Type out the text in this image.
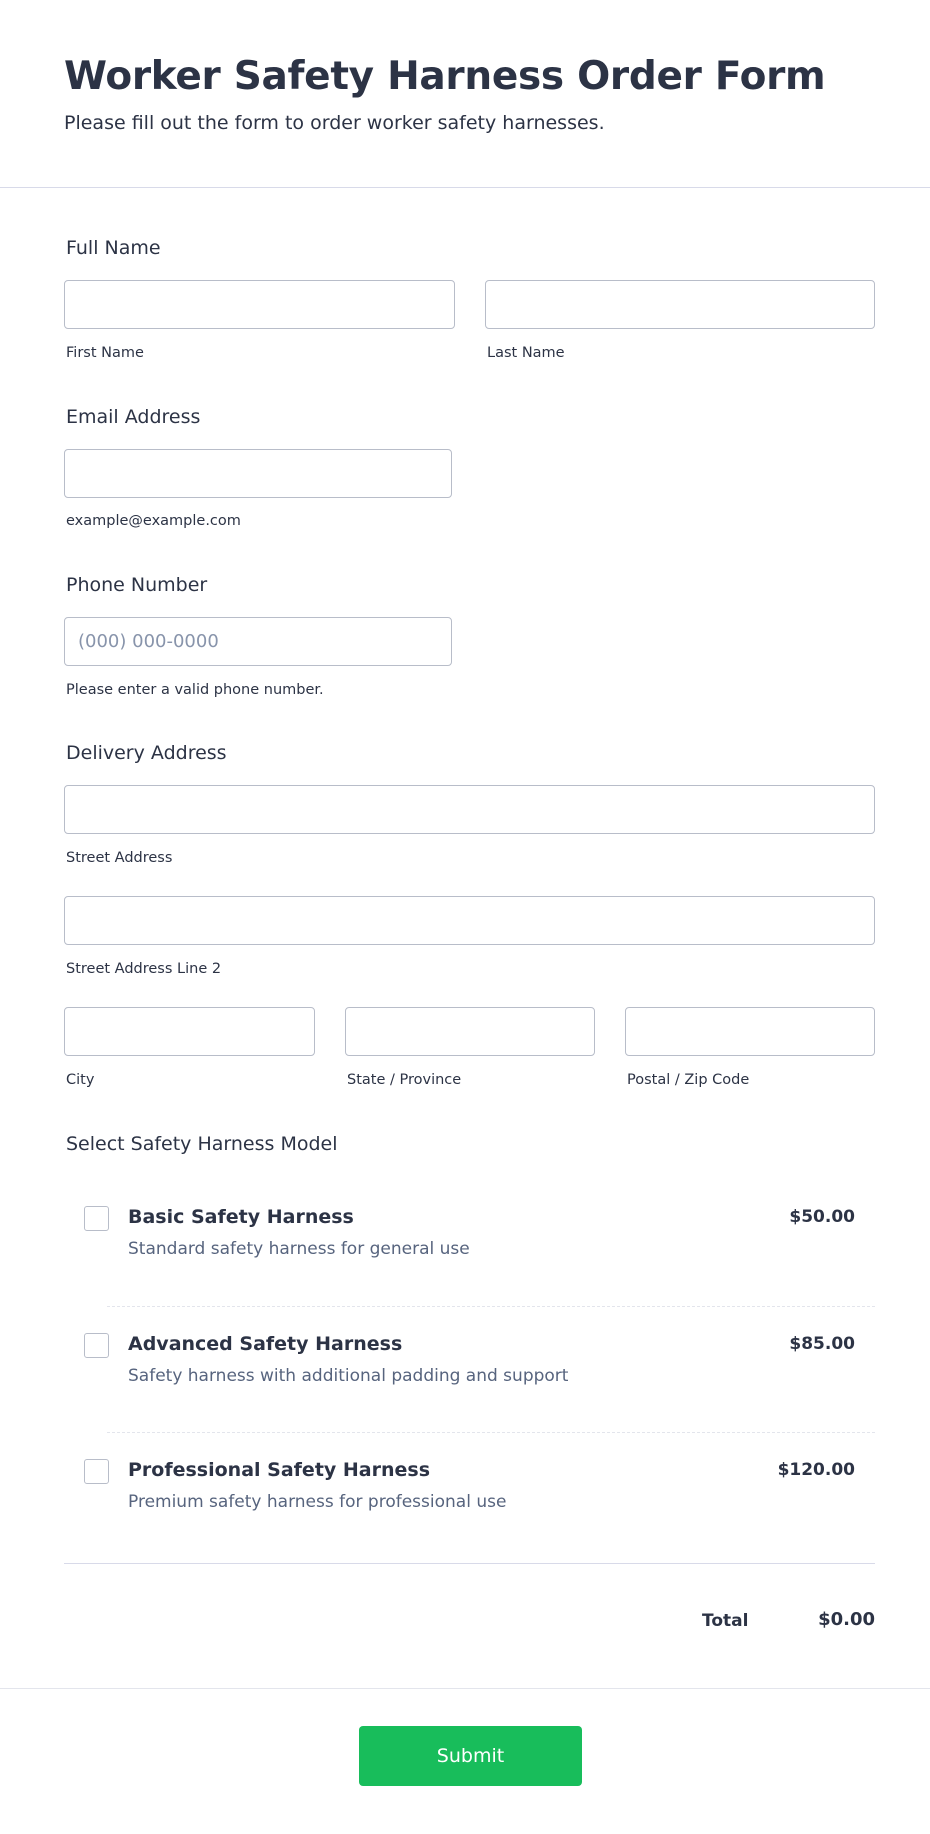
Worker Safety Harness Order Form

Please fill out the form to order worker safety harnesses.

Full Name
First Name	Last Name
Email Address
example@example.com
Phone Number
(000) 000-0000
Please enter a valid phone number.
Delivery Address
Street Address
Street Address Line 2
City	State / Province	Postal / Zip Code
Select Safety Harness Model
Basic Safety Harness
Standard safety harness for general use
$50.00
Advanced Safety Harness
Safety harness with additional padding and support
$85.00
Professional Safety Harness
Premium safety harness for professional use
$120.00
Total	$0.00
Submit
